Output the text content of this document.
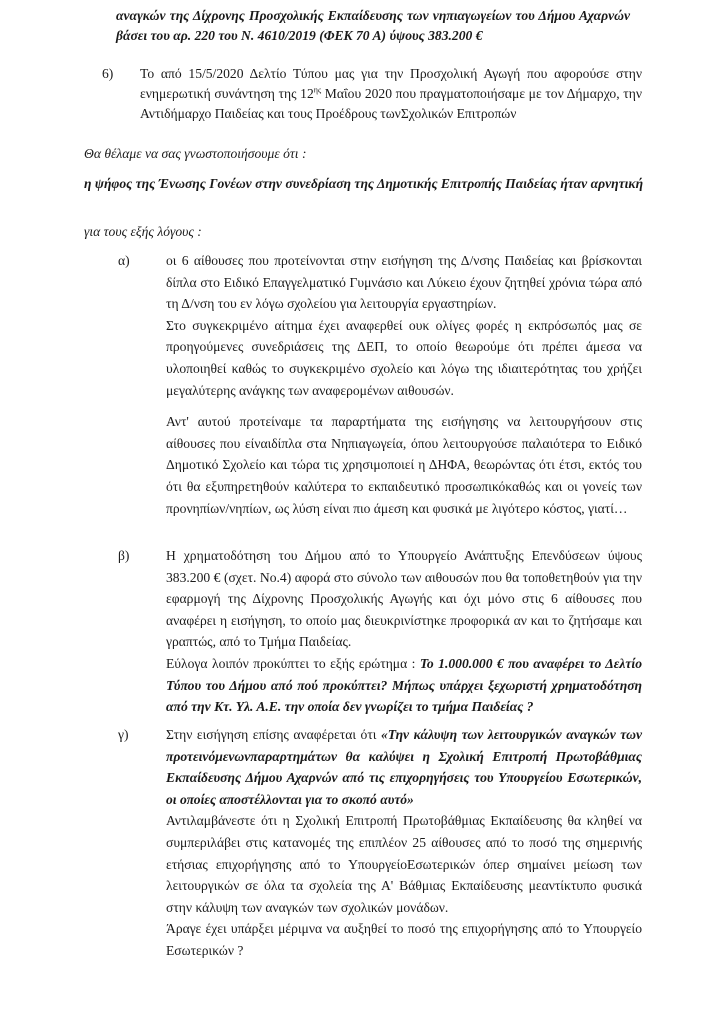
αναγκών της Δίχρονης Προσχολικής Εκπαίδευσης των νηπιαγωγείων του Δήμου Αχαρνών βάσει του αρ. 220 του Ν. 4610/2019 (ΦΕΚ 70 Α) ύψους 383.200 €

6) Το από 15/5/2020 Δελτίο Τύπου μας για την Προσχολική Αγωγή που αφορούσε στην ενημερωτική συνάντηση της $12^{\eta\varsigma}$ Μαΐου 2020 που πραγματοποιήσαμε με τον Δήμαρχο, την Αντιδήμαρχο Παιδείας και τους Προέδρους τωνΣχολικών Επιτροπών

Θα θέλαμε να σας γνωστοποιήσουμε ότι :

η ψήφος της Ένωσης Γονέων στην συνεδρίαση της Δημοτικής Επιτροπής Παιδείας ήταν αρνητική

για τους εξής λόγους :

α)	οι 6 αίθουσες που προτείνονται στην εισήγηση της Δ/νσης Παιδείας και βρίσκονται δίπλα στο Ειδικό Επαγγελματικό Γυμνάσιο και Λύκειο έχουν ζητηθεί χρόνια τώρα από τη Δ/νση του εν λόγω σχολείου για λειτουργία εργαστηρίων.

Στο συγκεκριμένο αίτημα έχει αναφερθεί ουκ ολίγες φορές η εκπρόσωπός μας σε προηγούμενες συνεδριάσεις της ΔΕΠ, το οποίο θεωρούμε ότι πρέπει άμεσα να υλοποιηθεί καθώς το συγκεκριμένο σχολείο και λόγω της ιδιαιτερότητας του χρήζει μεγαλύτερης ανάγκης των αναφερομένων αιθουσών.

Αντ' αυτού προτείναμε τα παραρτήματα της εισήγησης να λειτουργήσουν στις αίθουσες που είναιδίπλα στα Νηπιαγωγεία, όπου λειτουργούσε παλαιότερα το Ειδικό Δημοτικό Σχολείο και τώρα τις χρησιμοποιεί η ΔΗΦΑ, θεωρώντας ότι έτσι, εκτός του ότι θα εξυπηρετηθούν καλύτερα το εκπαιδευτικό προσωπικόκαθώς και οι γονείς των προνηπίων/νηπίων, ως λύση είναι πιο άμεση και φυσικά με λιγότερο κόστος, γιατί…

β)	Η χρηματοδότηση του Δήμου από το Υπουργείο Ανάπτυξης Επενδύσεων ύψους 383.200 € (σχετ. Νο.4) αφορά στο σύνολο των αιθουσών που θα τοποθετηθούν για την εφαρμογή της Δίχρονης Προσχολικής Αγωγής και όχι μόνο στις 6 αίθουσες που αναφέρει η εισήγηση, το οποίο μας διευκρινίστηκε προφορικά αν και το ζητήσαμε και γραπτώς, από το Τμήμα Παιδείας.

Εύλογα λοιπόν προκύπτει το εξής ερώτημα : Το 1.000.000 € που αναφέρει το Δελτίο Τύπου του Δήμου από πού προκύπτει? Μήπως υπάρχει ξεχωριστή χρηματοδότηση από την Κτ. Υλ. Α.Ε. την οποία δεν γνωρίζει το τμήμα Παιδείας ?

γ)	Στην εισήγηση επίσης αναφέρεται ότι «Την κάλυψη των λειτουργικών αναγκών των προτεινόμενωνπαραρτημάτων θα καλύψει η Σχολική Επιτροπή Πρωτοβάθμιας Εκπαίδευσης Δήμου Αχαρνών από τις επιχορηγήσεις του Υπουργείου Εσωτερικών, οι οποίες αποστέλλονται για το σκοπό αυτό»

Αντιλαμβάνεστε ότι η Σχολική Επιτροπή Πρωτοβάθμιας Εκπαίδευσης θα κληθεί να συμπεριλάβει στις κατανομές της επιπλέον 25 αίθουσες από το ποσό της σημερινής ετήσιας επιχορήγησης από το ΥπουργείοΕσωτερικών όπερ σημαίνει μείωση των λειτουργικών σε όλα τα σχολεία της Α' Βάθμιας Εκπαίδευσης μεαντίκτυπο φυσικά στην κάλυψη των αναγκών των σχολικών μονάδων.

Άραγε έχει υπάρξει μέριμνα να αυξηθεί το ποσό της επιχορήγησης από το Υπουργείο Εσωτερικών ?
